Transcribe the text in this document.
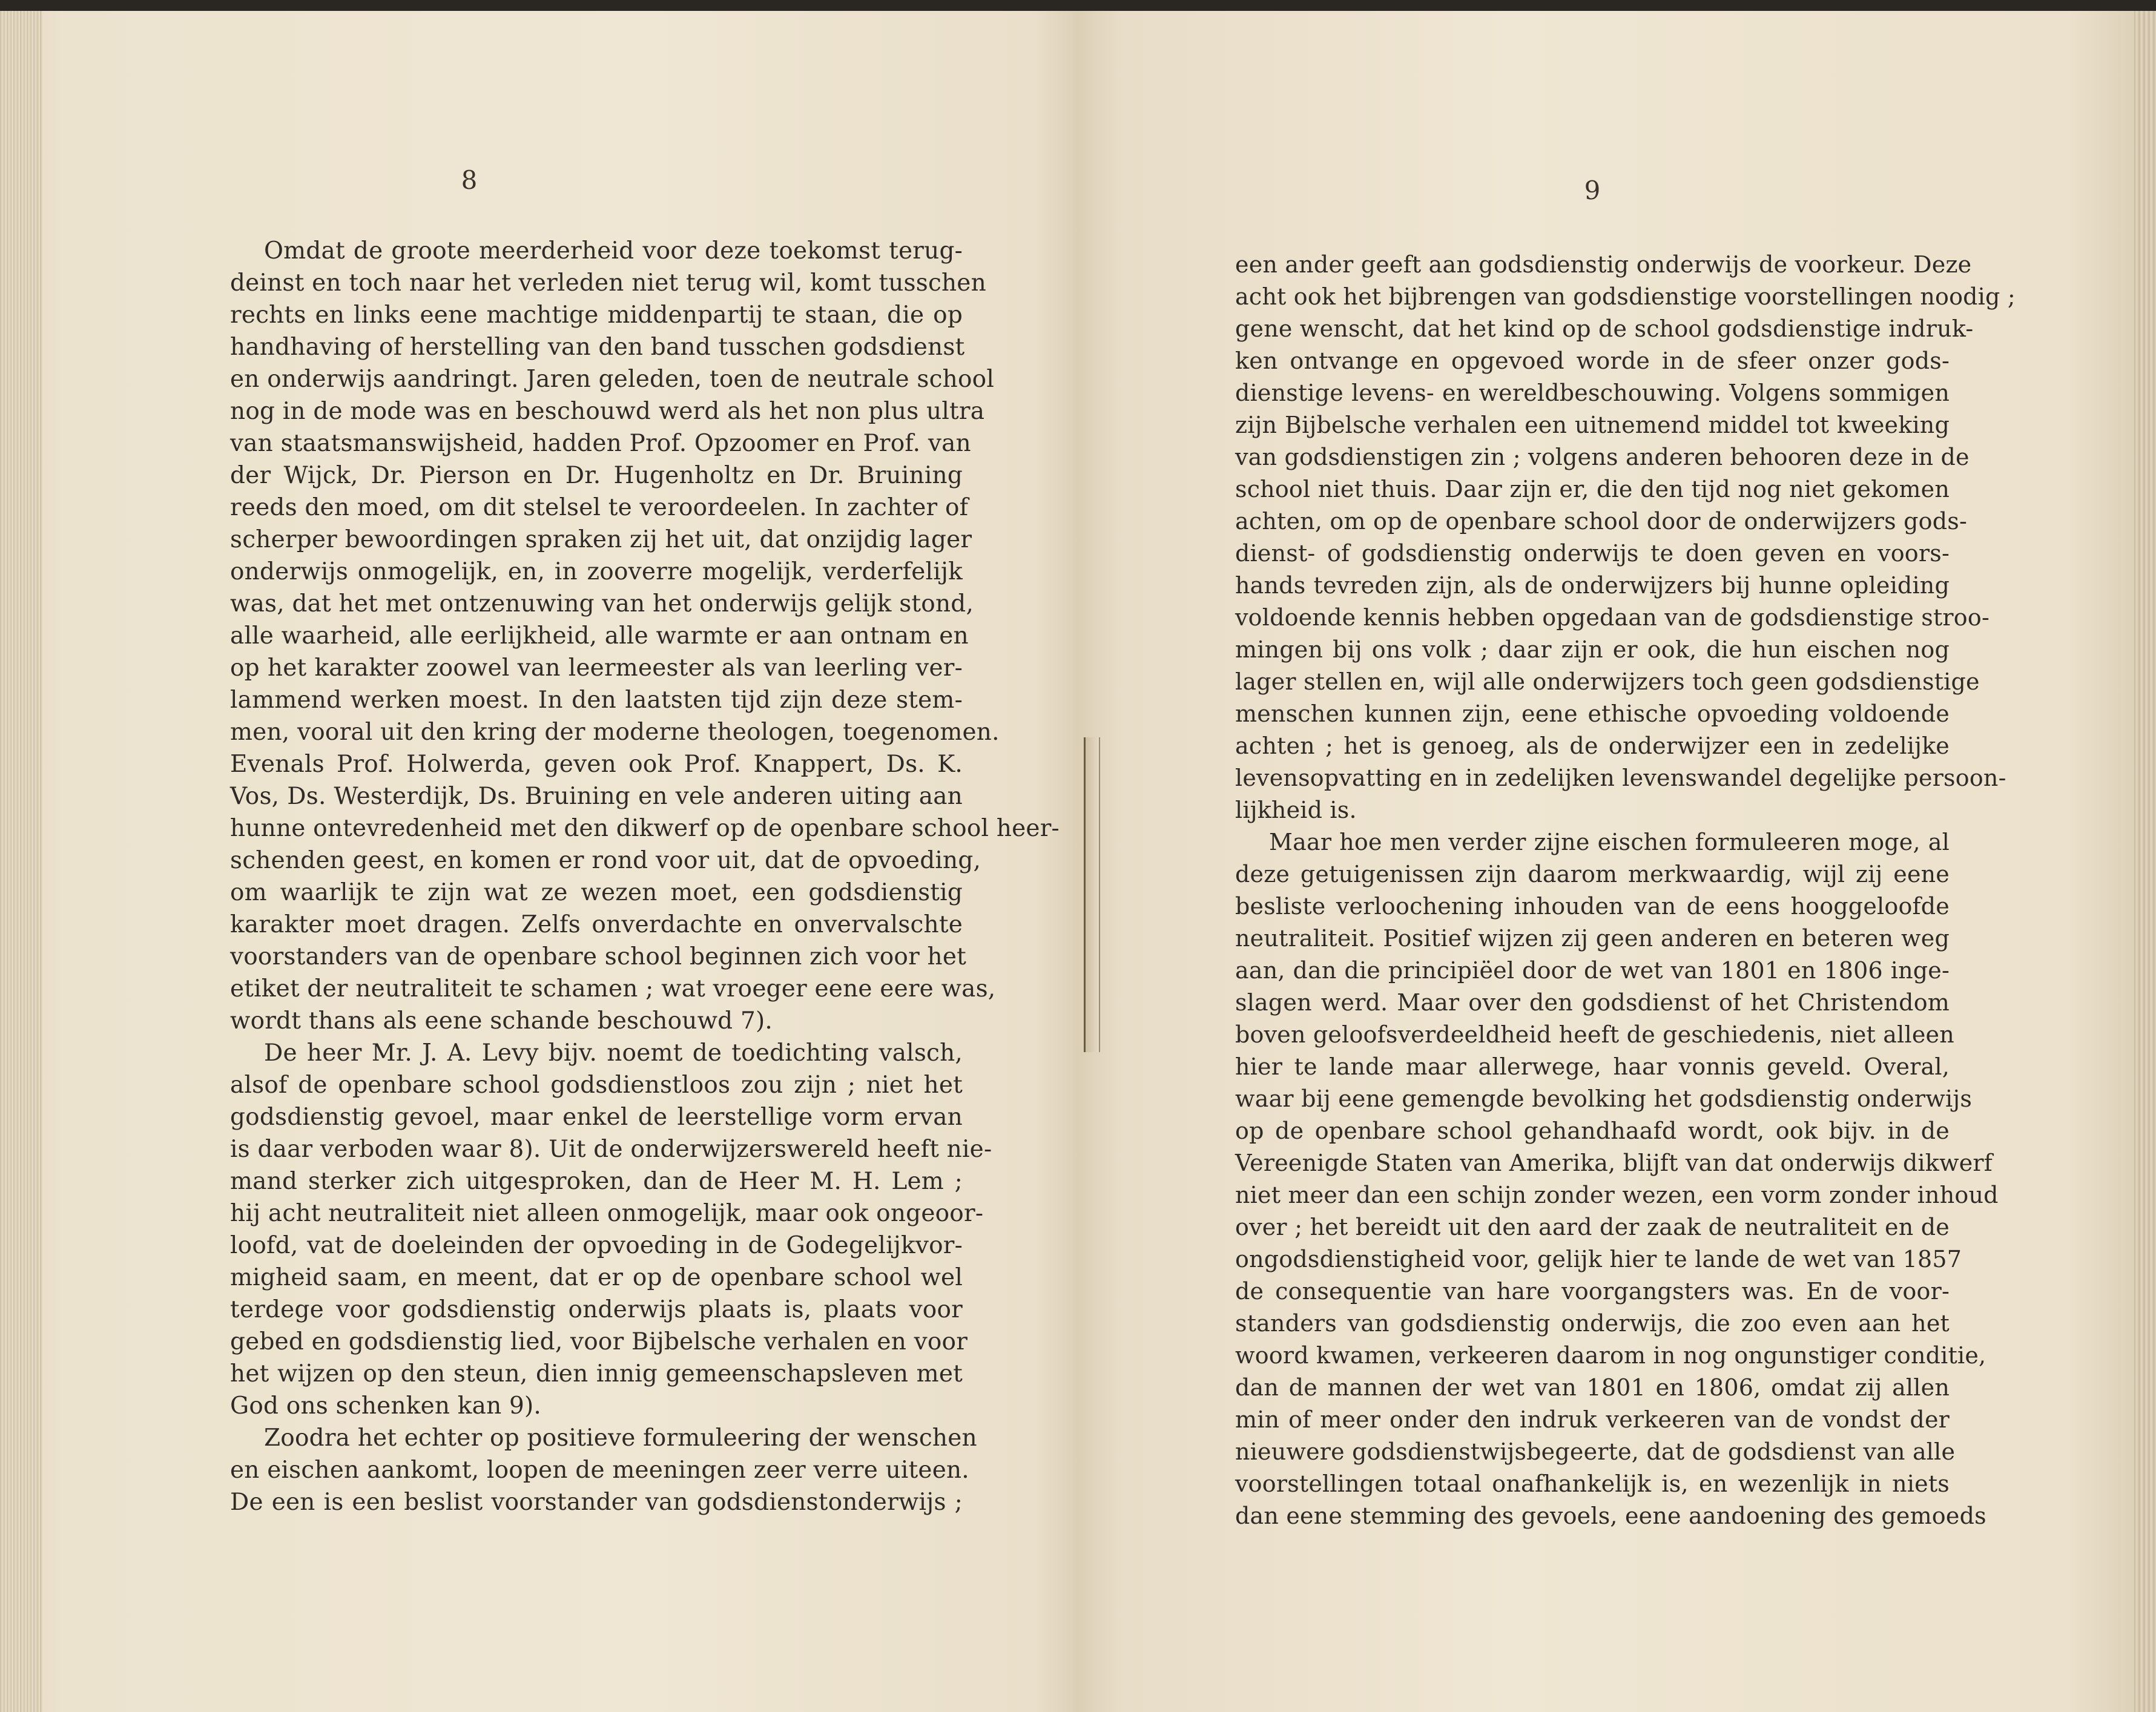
8
Omdat de groote meerderheid voor deze toekomst terug-
deinst en toch naar het verleden niet terug wil, komt tusschen
rechts en links eene machtige middenpartij te staan, die op
handhaving of herstelling van den band tusschen godsdienst
en onderwijs aandringt. Jaren geleden, toen de neutrale school
nog in de mode was en beschouwd werd als het non plus ultra
van staatsmanswijsheid, hadden Prof. Opzoomer en Prof. van
der Wijck, Dr. Pierson en Dr. Hugenholtz en Dr. Bruining
reeds den moed, om dit stelsel te veroordeelen. In zachter of
scherper bewoordingen spraken zij het uit, dat onzijdig lager
onderwijs onmogelijk, en, in zooverre mogelijk, verderfelijk
was, dat het met ontzenuwing van het onderwijs gelijk stond,
alle waarheid, alle eerlijkheid, alle warmte er aan ontnam en
op het karakter zoowel van leermeester als van leerling ver-
lammend werken moest. In den laatsten tijd zijn deze stem-
men, vooral uit den kring der moderne theologen, toegenomen.
Evenals Prof. Holwerda, geven ook Prof. Knappert, Ds. K.
Vos, Ds. Westerdijk, Ds. Bruining en vele anderen uiting aan
hunne ontevredenheid met den dikwerf op de openbare school heer-
schenden geest, en komen er rond voor uit, dat de opvoeding,
om waarlijk te zijn wat ze wezen moet, een godsdienstig
karakter moet dragen. Zelfs onverdachte en onvervalschte
voorstanders van de openbare school beginnen zich voor het
etiket der neutraliteit te schamen ; wat vroeger eene eere was,
wordt thans als eene schande beschouwd 7).
De heer Mr. J. A. Levy bijv. noemt de toedichting valsch,
alsof de openbare school godsdienstloos zou zijn ; niet het
godsdienstig gevoel, maar enkel de leerstellige vorm ervan
is daar verboden waar 8). Uit de onderwijzerswereld heeft nie-
mand sterker zich uitgesproken, dan de Heer M. H. Lem ;
hij acht neutraliteit niet alleen onmogelijk, maar ook ongeoor-
loofd, vat de doeleinden der opvoeding in de Godegelijkvor-
migheid saam, en meent, dat er op de openbare school wel
terdege voor godsdienstig onderwijs plaats is, plaats voor
gebed en godsdienstig lied, voor Bijbelsche verhalen en voor
het wijzen op den steun, dien innig gemeenschapsleven met
God ons schenken kan 9).
Zoodra het echter op positieve formuleering der wenschen
en eischen aankomt, loopen de meeningen zeer verre uiteen.
De een is een beslist voorstander van godsdienstonderwijs ;
9
een ander geeft aan godsdienstig onderwijs de voorkeur. Deze
acht ook het bijbrengen van godsdienstige voorstellingen noodig ;
gene wenscht, dat het kind op de school godsdienstige indruk-
ken ontvange en opgevoed worde in de sfeer onzer gods-
dienstige levens- en wereldbeschouwing. Volgens sommigen
zijn Bijbelsche verhalen een uitnemend middel tot kweeking
van godsdienstigen zin ; volgens anderen behooren deze in de
school niet thuis. Daar zijn er, die den tijd nog niet gekomen
achten, om op de openbare school door de onderwijzers gods-
dienst- of godsdienstig onderwijs te doen geven en voors-
hands tevreden zijn, als de onderwijzers bij hunne opleiding
voldoende kennis hebben opgedaan van de godsdienstige stroo-
mingen bij ons volk ; daar zijn er ook, die hun eischen nog
lager stellen en, wijl alle onderwijzers toch geen godsdienstige
menschen kunnen zijn, eene ethische opvoeding voldoende
achten ; het is genoeg, als de onderwijzer een in zedelijke
levensopvatting en in zedelijken levenswandel degelijke persoon-
lijkheid is.
Maar hoe men verder zijne eischen formuleeren moge, al
deze getuigenissen zijn daarom merkwaardig, wijl zij eene
besliste verloochening inhouden van de eens hooggeloofde
neutraliteit. Positief wijzen zij geen anderen en beteren weg
aan, dan die principiëel door de wet van 1801 en 1806 inge-
slagen werd. Maar over den godsdienst of het Christendom
boven geloofsverdeeldheid heeft de geschiedenis, niet alleen
hier te lande maar allerwege, haar vonnis geveld. Overal,
waar bij eene gemengde bevolking het godsdienstig onderwijs
op de openbare school gehandhaafd wordt, ook bijv. in de
Vereenigde Staten van Amerika, blijft van dat onderwijs dikwerf
niet meer dan een schijn zonder wezen, een vorm zonder inhoud
over ; het bereidt uit den aard der zaak de neutraliteit en de
ongodsdienstigheid voor, gelijk hier te lande de wet van 1857
de consequentie van hare voorgangsters was. En de voor-
standers van godsdienstig onderwijs, die zoo even aan het
woord kwamen, verkeeren daarom in nog ongunstiger conditie,
dan de mannen der wet van 1801 en 1806, omdat zij allen
min of meer onder den indruk verkeeren van de vondst der
nieuwere godsdienstwijsbegeerte, dat de godsdienst van alle
voorstellingen totaal onafhankelijk is, en wezenlijk in niets
dan eene stemming des gevoels, eene aandoening des gemoeds
